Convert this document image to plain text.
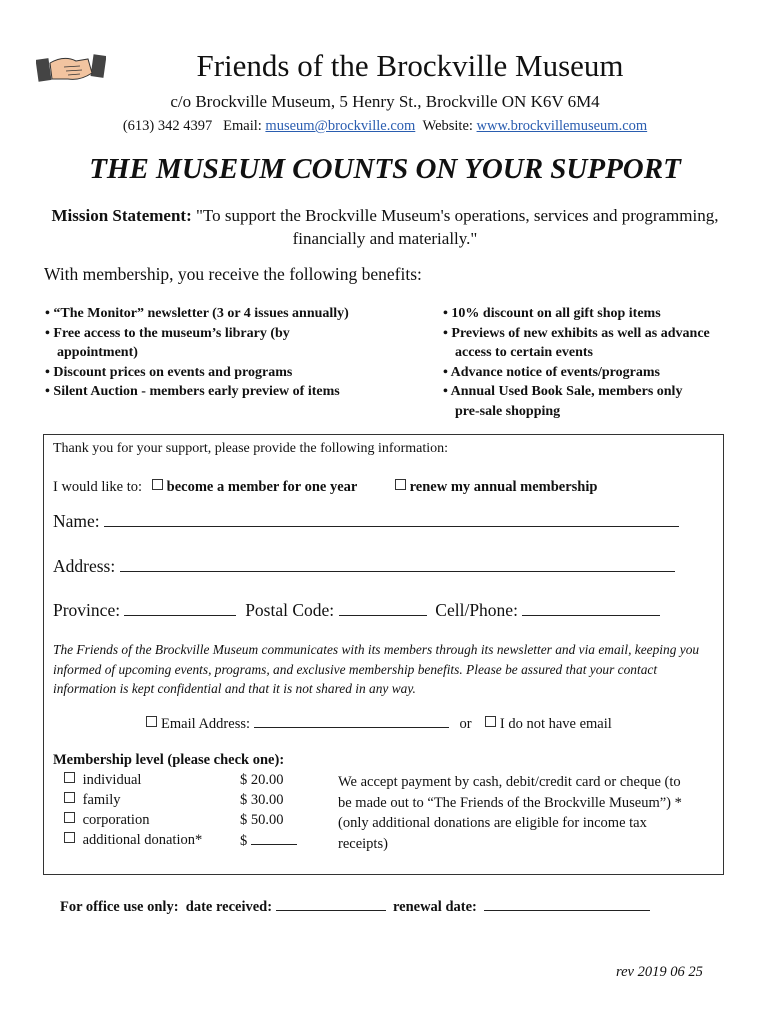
Friends of the Brockville Museum
c/o Brockville Museum, 5 Henry St., Brockville ON K6V 6M4
(613) 342 4397 Email: museum@brockville.com Website: www.brockvillemuseum.com
THE MUSEUM COUNTS ON YOUR SUPPORT
Mission Statement: "To support the Brockville Museum's operations, services and programming, financially and materially."
With membership, you receive the following benefits:
• “The Monitor” newsletter (3 or 4 issues annually)
• Free access to the museum’s library (by appointment)
• Discount prices on events and programs
• Silent Auction - members early preview of items
• 10% discount on all gift shop items
• Previews of new exhibits as well as advance access to certain events
• Advance notice of events/programs
• Annual Used Book Sale, members only pre-sale shopping
Thank you for your support, please provide the following information:
I would like to: become a member for one year	renew my annual membership
Name:
Address:
Province:	Postal Code:	Cell/Phone:
The Friends of the Brockville Museum communicates with its members through its newsletter and via email, keeping you informed of upcoming events, programs, and exclusive membership benefits. Please be assured that your contact information is kept confidential and that it is not shared in any way.
Email Address:	or I do not have email
Membership level (please check one):
individual	$ 20.00
family	$ 30.00
corporation	$ 50.00
additional donation*	$
We accept payment by cash, debit/credit card or cheque (to be made out to “The Friends of the Brockville Museum”) *(only additional donations are eligible for income tax receipts)
For office use only: date received:	renewal date:
rev 2019 06 25
